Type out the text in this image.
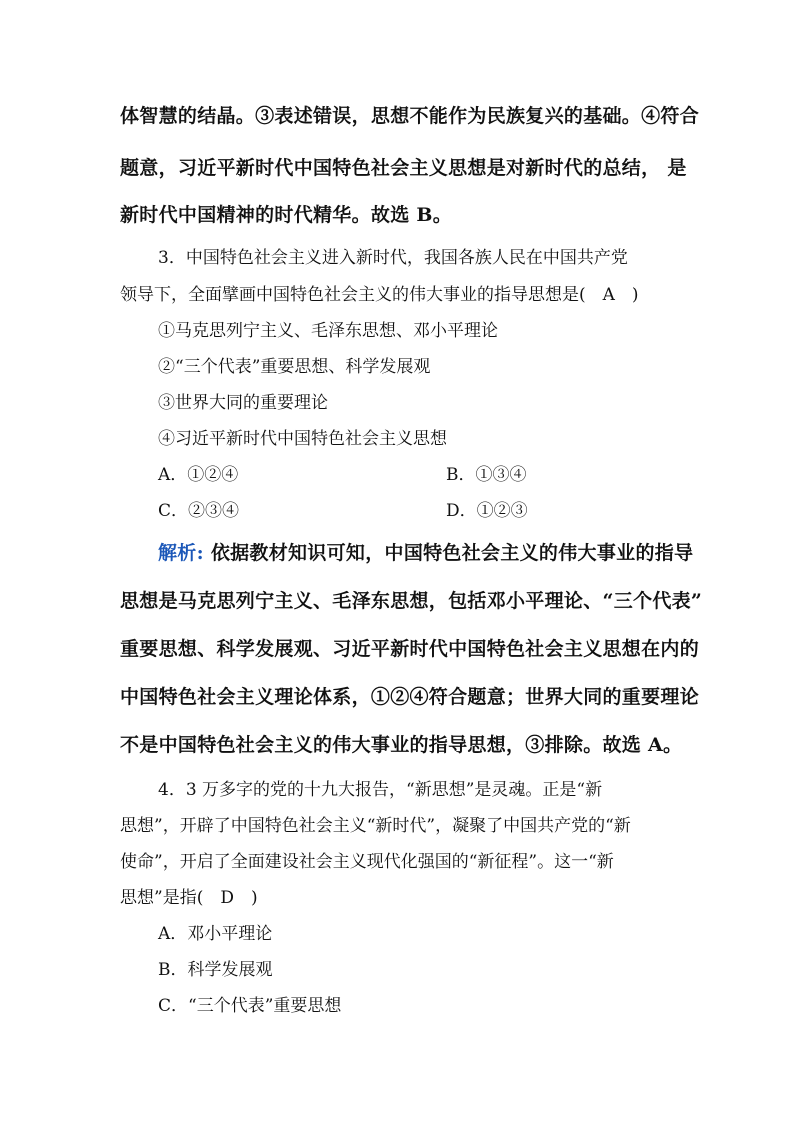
体智慧的结晶。③表述错误，思想不能作为民族复兴的基础。④符合
题意，习近平新时代中国特色社会主义思想是对新时代的总结， 是
新时代中国精神的时代精华。故选 B。
3．中国特色社会主义进入新时代，我国各族人民在中国共产党
领导下，全面擘画中国特色社会主义的伟大事业的指导思想是(　A　)
①马克思列宁主义、毛泽东思想、邓小平理论
②“三个代表”重要思想、科学发展观
③世界大同的重要理论
④习近平新时代中国特色社会主义思想
A．①②④	B．①③④
C．②③④	D．①②③
解析: 依据教材知识可知，中国特色社会主义的伟大事业的指导
思想是马克思列宁主义、毛泽东思想，包括邓小平理论、“三个代表”
重要思想、科学发展观、习近平新时代中国特色社会主义思想在内的
中国特色社会主义理论体系，①②④符合题意；世界大同的重要理论
不是中国特色社会主义的伟大事业的指导思想，③排除。故选 A。
4．3 万多字的党的十九大报告，“新思想”是灵魂。正是“新
思想”，开辟了中国特色社会主义“新时代”，凝聚了中国共产党的“新
使命”，开启了全面建设社会主义现代化强国的“新征程”。这一“新
思想”是指(　D　)
A．邓小平理论
B．科学发展观
C．“三个代表”重要思想
